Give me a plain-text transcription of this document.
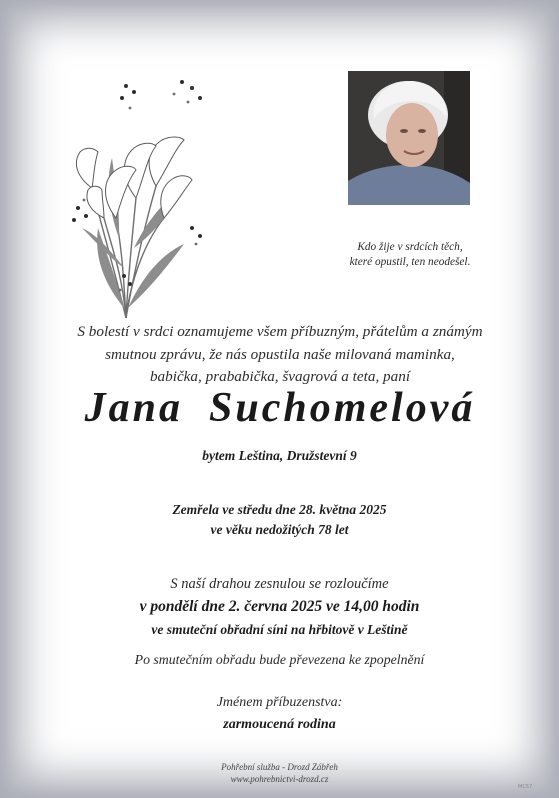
Kdo žije v srdcích těch,
které opustil, ten neodešel.
S bolestí v srdci oznamujeme všem příbuzným, přátelům a známým
smutnou zprávu, že nás opustila naše milovaná maminka,
babička, prababička, švagrová a teta, paní
Jana Suchomelová
bytem Leština, Družstevní 9
Zemřela ve středu dne 28. května 2025
ve věku nedožitých 78 let
S naší drahou zesnulou se rozloučíme
v pondělí dne 2. června 2025 ve 14,00 hodin
ve smuteční obřadní síni na hřbitově v Leštině
Po smutečním obřadu bude převezena ke zpopelnění
Jménem příbuzenstva:
zarmoucená rodina
Pohřební služba - Drozd Zábřeh
www.pohrebnictvi-drozd.cz
MC57
